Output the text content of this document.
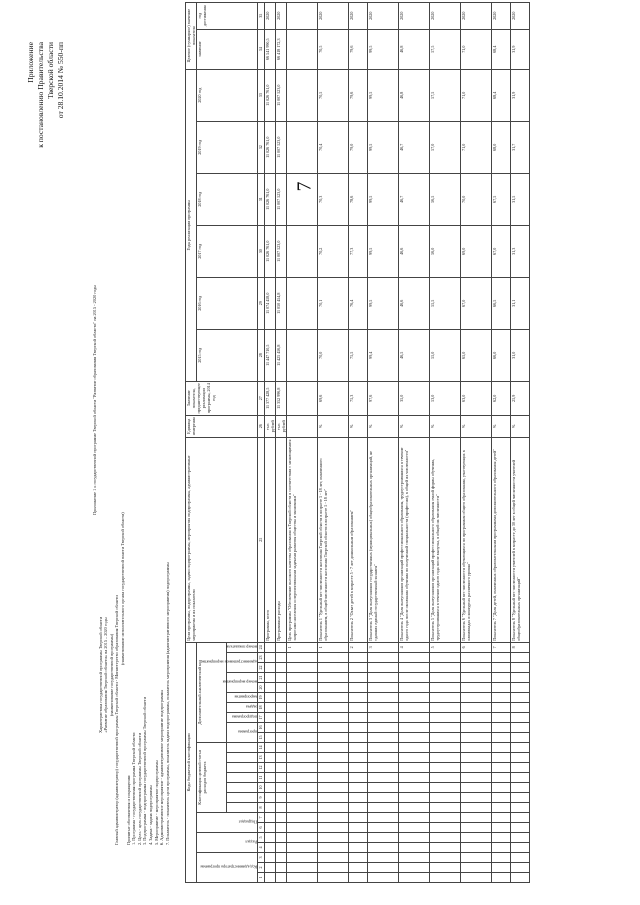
7
Приложение к постановлению Правительства Тверской области от 28.10.2014 № 550-пп
Приложение 1 к государственной программе Тверской области "Развитие образования Тверской области" на 2015 - 2020 годы
Характеристика государственной программы Тверской области «Развитие образования Тверской области» на 2015 – 2020 годы (наименование государственной программы) Главный администратор (администратор) государственной программы Тверской области - Министерство образования Тверской области
(наименование исполнительного органа государственной власти Тверской области)
Принятые обозначения и сокращения: 1. Программа - государственная программа Тверской области 2. Цель - цель государственной программы Тверской области 3. Подпрограмма - подпрограмма государственной программы Тверской области 4. Задача - задача подпрограммы 5. Мероприятие - мероприятие подпрограммы 6. Административное мероприятие - административное мероприятие подпрограммы 7. Показатель - показатель цели программы, показатель задачи подпрограммы, показатель мероприятия (административного мероприятия) подпрограммы	Коды бюджетной классификации																								Цели программы, подпрограммы, задачи подпрограммы, мероприятия подпрограммы, административные мероприятия и их показатели	Единица измерения	Значение показателя, предшествующее реализации программы, 2014 год	Годы реализации программы						Целевое (суммарное) значение показателя		
Код администратора программы			Раздел		Подраздел		Классификация целевой статьи расходов бюджета							Дополнительный аналитический код													2015 год	2016 год	2017 год	2018 год	2019 год	2020 год	значение	год достижения	
														программа		подпрограмма	задача	мероприятие	номер мероприятия		административное мероприятие		номер показателя												
1	2	3	4	5	6	7	8	9	10	11	12	13	14	15	16	17	18	19	20	21	22	23	24	25	26	27	28	29	30	31	32	33	34	35	
																								Программа, всего	тыс. рублей	11 377 428,5	11 447 710,5	11 074 458,0	11 026 761,0	11 026 761,0	11 026 761,0	11 026 761,0	66 541 990,5	2020	
																								Программные расходы	тыс. рублей	11 352 996,8	11 425 456,8	11 050 454,8	11 007 523,0	11 007 523,0	11 007 523,0	11 007 523,0	66 418 172,3	2020	
																							1	Цель программы "Обеспечение высокого качества образования в Тверской области в соответствии с меняющимися запросами населения и перспективными задачами развития общества и экономики"											
																							1	Показатель 1 "Удельный вес численности населения Тверской области в возрасте 5 - 18 лет, охваченного образованием, в общей численности населения Тверской области в возрасте 5 - 18 лет"	%	69,6	70,0	70,1	70,2	70,3	70,4	70,5	70,5	2020	
																							2	Показатель 2 "Охват детей в возрасте 5 - 7 лет дошкольным образованием"	%	75,3	75,5	76,4	77,3	78,6	79,0	79,6	79,6	2020	
																							3	Показатель 3 "Доля выпускников государственных (муниципальных) общеобразовательных организаций, не сдавших единый государственный экзамен"	%	97,6	99,4	99,5	99,5	99,5	99,5	99,5	99,5	2020	
																							4	Показатель 4 "Доля выпускников организаций профессионального образования, трудоустроившихся в течение одного года после окончания обучения по полученной специальности (профессии), в общей их численности"	%	35,0	46,5	46,6	46,6	46,7	46,7	46,8	46,8	2020	
																							5	Показатель 5 "Доля выпускников организаций профессионального образования очной формы обучения, трудоустроившихся в течение одного года после выпуска, в общей их численности"	%	53,0	55,0	55,5	56,0	56,5	57,0	57,5	57,5	2020	
																							6	Показатель 6 "Удельный вес численности обучающихся по программам общего образования, участвующих в олимпиадах и конкурсах различного уровня"	%	63,0	65,0	67,0	69,0	70,0	71,0	71,0	71,0	2020	
																							7	Показатель 7 "Доля детей, охваченных образовательными программами дополнительного образования детей"	%	62,0	66,0	66,5	67,0	67,5	68,0	68,4	68,4	2020	
																							8	Показатель 8 "Удельный вес численности учителей в возрасте до 30 лет в общей численности учителей общеобразовательных организаций"	%	25,9	31,0	31,1	31,3	31,5	31,7	31,9	31,9	2020	
